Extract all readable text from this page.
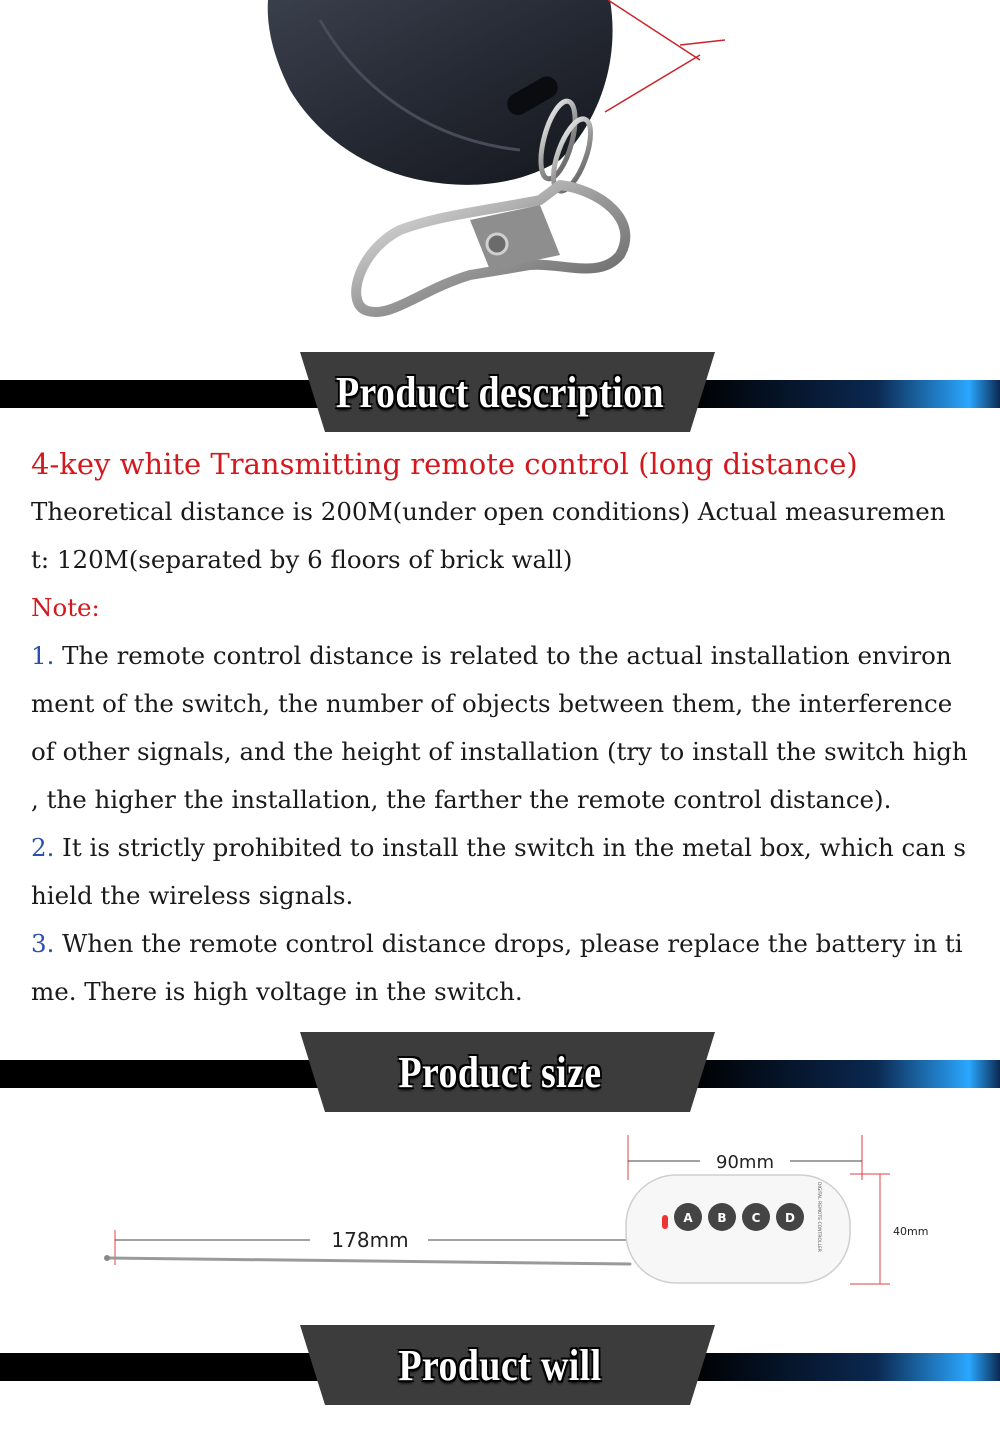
Product description

4-key white Transmitting remote control (long distance)

Theoretical distance is 200M(under open conditions) Actual measuremen

t: 120M(separated by 6 floors of brick wall)

Note:

1. The remote control distance is related to the actual installation environ

ment of the switch, the number of objects between them, the interference

of other signals, and the height of installation (try to install the switch high

, the higher the installation, the farther the remote control distance).

2. It is strictly prohibited to install the switch in the metal box, which can s

hield the wireless signals.

3. When the remote control distance drops, please replace the battery in ti

me. There is high voltage in the switch.

Product size
90mm
40mm
178mm
A B C D	DIGITAL REMOTE CONTROLLER
Product will
